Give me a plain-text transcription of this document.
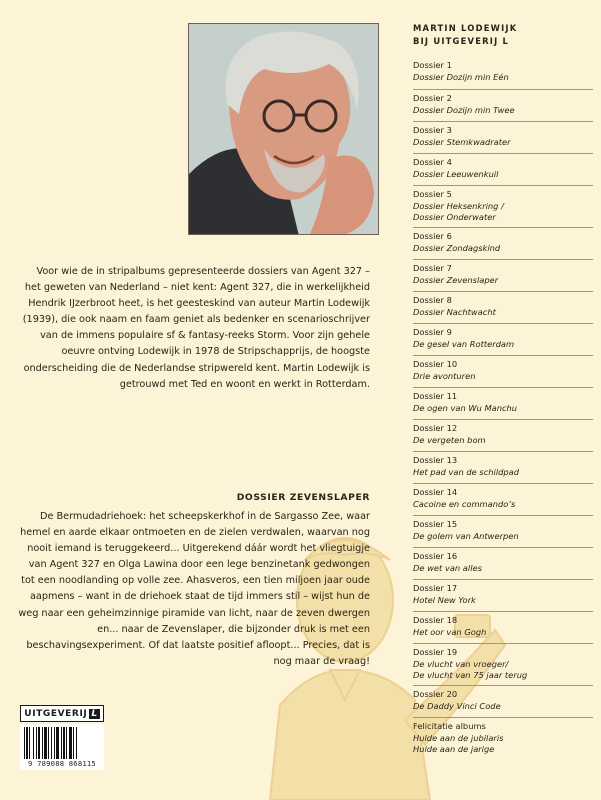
Voor wie de in stripalbums gepresenteerde dossiers van Agent 327 – het geweten van Nederland – niet kent: Agent 327, die in werkelijkheid Hendrik IJzerbroot heet, is het geesteskind van auteur Martin Lodewijk (1939), die ook naam en faam geniet als bedenker en scenarioschrijver van de immens populaire sf & fantasy-reeks Storm. Voor zijn gehele oeuvre ontving Lodewijk in 1978 de Stripschapprijs, de hoogste onderscheiding die de Nederlandse stripwereld kent. Martin Lodewijk is getrouwd met Ted en woont en werkt in Rotterdam.

DOSSIER ZEVENSLAPER

De Bermudadriehoek: het scheepskerkhof in de Sargasso Zee, waar hemel en aarde elkaar ontmoeten en de zielen verdwalen, waarvan nog nooit iemand is teruggekeerd... Uitgerekend dáár wordt het vliegtuigje van Agent 327 en Olga Lawina door een lege benzinetank gedwongen tot een noodlanding op volle zee. Ahasveros, een tien miljoen jaar oude aapmens – want in de driehoek staat de tijd immers stil – wijst hun de weg naar een geheimzinnige piramide van licht, naar de zeven dwergen en... naar de Zevenslaper, die bijzonder druk is met een beschavingsexperiment. Of dat laatste positief afloopt... Precies, dat is nog maar de vraag!

MARTIN LODEWIJK
BIJ UITGEVERIJ L
Dossier 1
Dossier Dozijn min Eén
Dossier 2
Dossier Dozijn min Twee
Dossier 3
Dossier Stemkwadrater
Dossier 4
Dossier Leeuwenkuil
Dossier 5
Dossier Heksenkring /
Dossier Onderwater
Dossier 6
Dossier Zondagskind
Dossier 7
Dossier Zevenslaper
Dossier 8
Dossier Nachtwacht
Dossier 9
De gesel van Rotterdam
Dossier 10
Drie avonturen
Dossier 11
De ogen van Wu Manchu
Dossier 12
De vergeten bom
Dossier 13
Het pad van de schildpad
Dossier 14
Cacoine en commando’s
Dossier 15
De golem van Antwerpen
Dossier 16
De wet van alles
Dossier 17
Hotel New York
Dossier 18
Het oor van Gogh
Dossier 19
De vlucht van vroeger/
De vlucht van 75 jaar terug
Dossier 20
De Daddy Vinci Code
Felicitatie albums
Hulde aan de jubilaris
Hulde aan de jarige
UITGEVERIJ L
9 789088 868115
